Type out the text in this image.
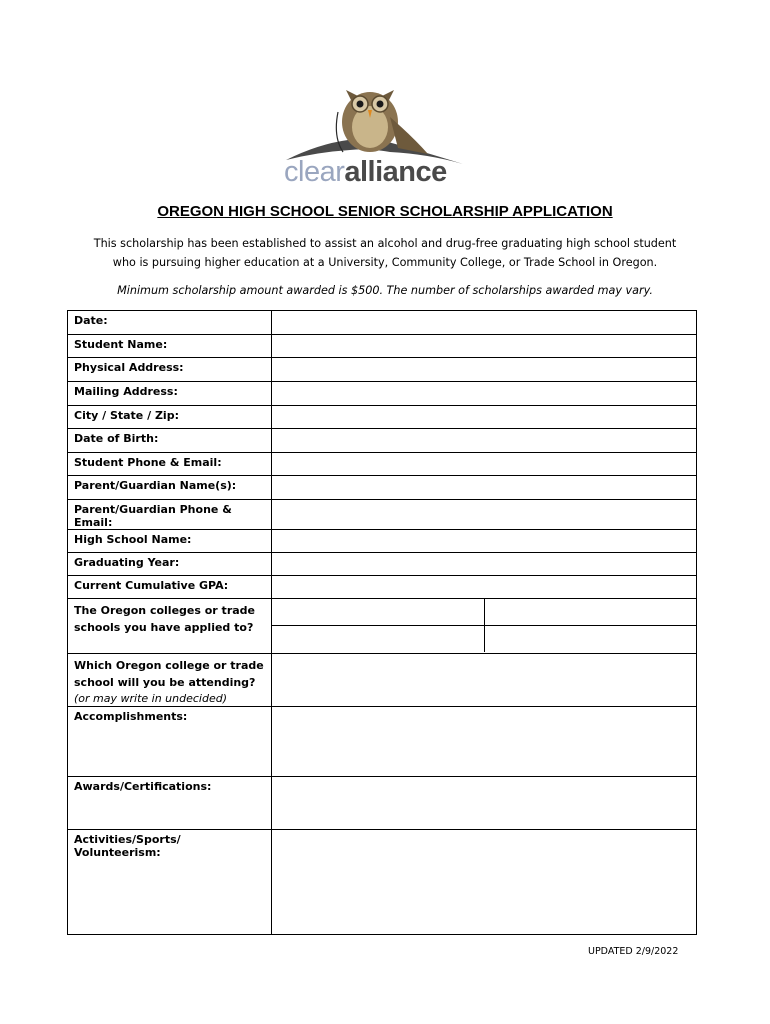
clearalliance
OREGON HIGH SCHOOL SENIOR SCHOLARSHIP APPLICATION
This scholarship has been established to assist an alcohol and drug-free graduating high school student
who is pursuing higher education at a University, Community College, or Trade School in Oregon.
Minimum scholarship amount awarded is $500. The number of scholarships awarded may vary.
Date:	
Student Name:	
Physical Address:	
Mailing Address:	
City / State / Zip:	
Date of Birth:	
Student Phone & Email:	
Parent/Guardian Name(s):	
Parent/Guardian Phone & Email:	
High School Name:	
Graduating Year:	
Current Cumulative GPA:	

The Oregon colleges or trade
schools you have applied to?

Which Oregon college or trade
school will you be attending?
(or may write in undecided)

Accomplishments:	
Awards/Certifications:	
Activities/Sports/ Volunteerism:	
UPDATED 2/9/2022
